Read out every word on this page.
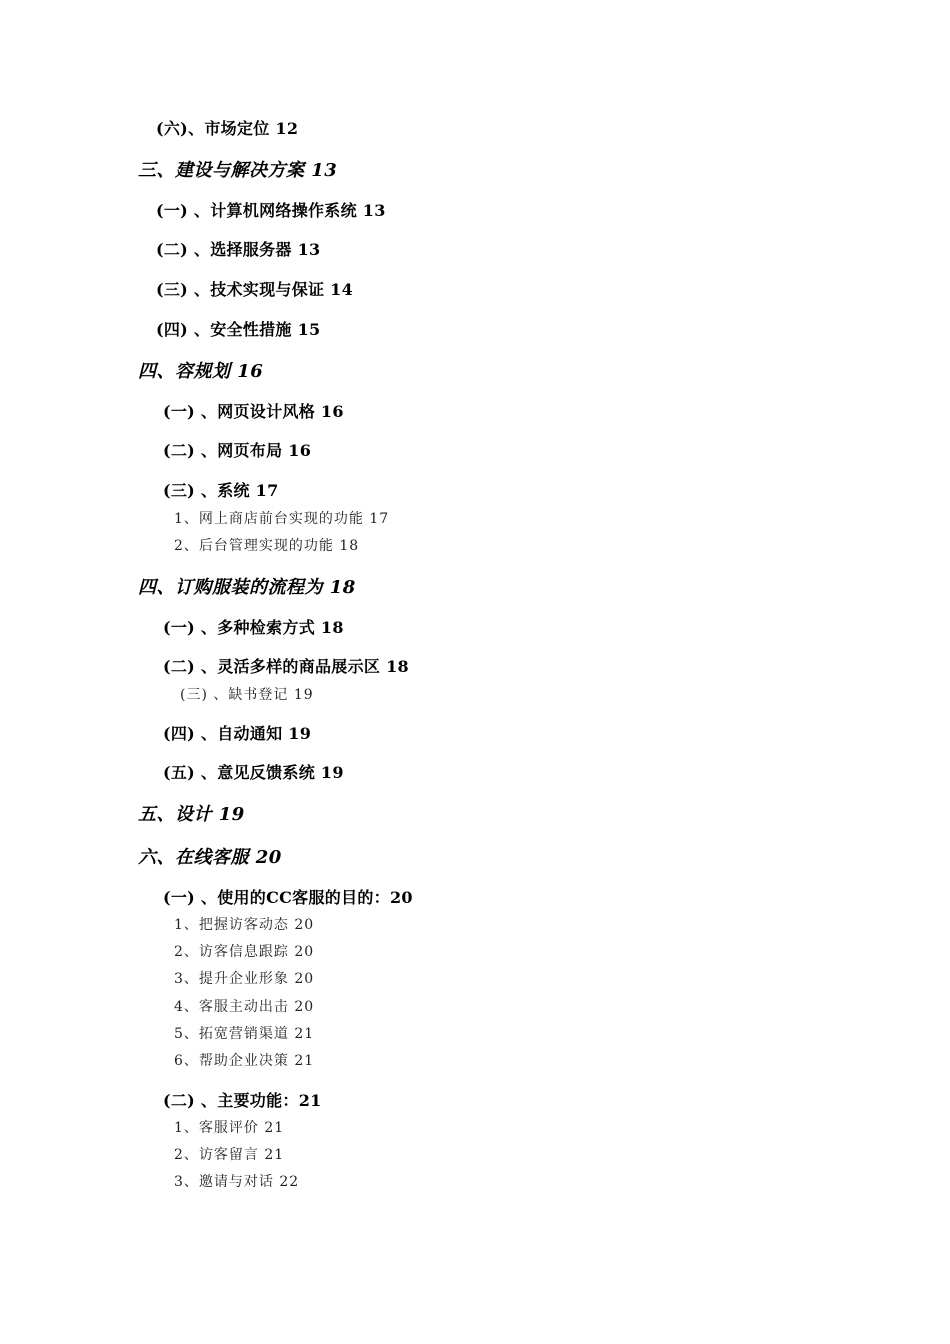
(六)、市场定位 12
三、建设与解决方案 13
(一) 、计算机网络操作系统 13
(二) 、选择服务器 13
(三) 、技术实现与保证 14
(四) 、安全性措施 15
四、容规划 16
(一) 、网页设计风格 16
(二) 、网页布局 16
(三) 、系统 17
1、网上商店前台实现的功能 17
2、后台管理实现的功能 18
四、订购服装的流程为 18
(一) 、多种检索方式 18
(二) 、灵活多样的商品展示区 18
(三) 、缺书登记 19
(四) 、自动通知 19
(五) 、意见反馈系统 19
五、设计 19
六、在线客服 20
(一) 、使用的CC客服的目的：20
1、把握访客动态 20
2、访客信息跟踪 20
3、提升企业形象 20
4、客服主动出击 20
5、拓宽营销渠道 21
6、帮助企业决策 21
(二) 、主要功能：21
1、客服评价 21
2、访客留言 21
3、邀请与对话 22
